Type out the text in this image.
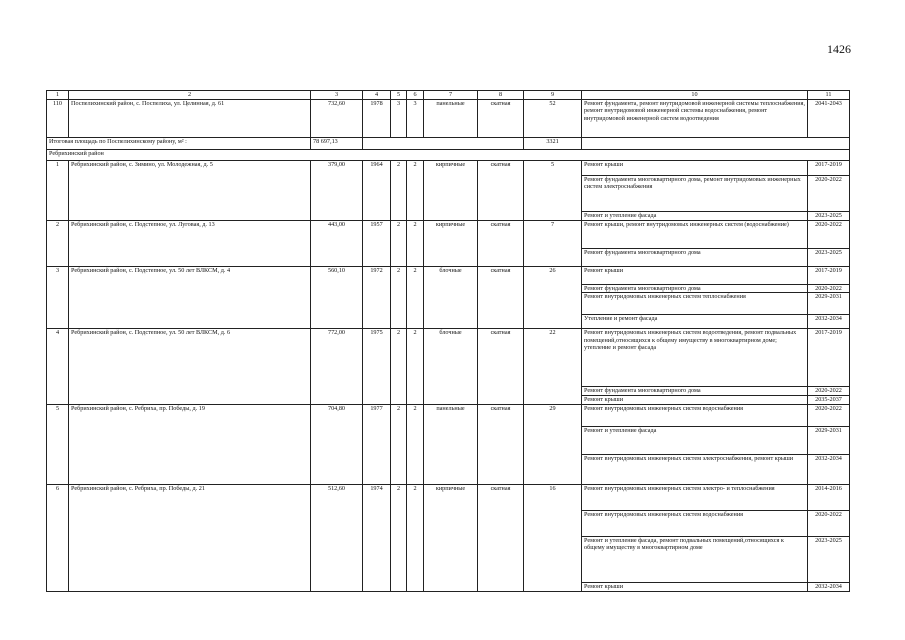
1426
1	2	3	4	5	6	7	8	9	10	11
110	Поспелихинский район, с. Поспелиха, ул. Целинная, д. 61	732,60	1978	3	3	панельные	скатная	52	Ремонт фундамента, ремонт внутридомовой инженерной системы теплоснабжения, ремонт внутридомовой инженерной системы водоснабжения, ремонт внутридомовой инженерной систем водоотведения	2041-2043
Итоговая площадь по Поспелихинскому району, м² :		78 697,13						3321		
Ребрихинский район										
1	Ребрихинский район, с. Зимино, ул. Молодежная, д. 5	379,00	1964	2	2	кирпичные	скатная	5	Ремонт крыши	2017-2019
									Ремонт фундамента многоквартирного дома, ремонт внутридомовых инженерных систем электроснабжения	2020-2022
									Ремонт и утепление фасада	2023-2025
2	Ребрихинский район, с. Подстепное, ул. Луговая, д. 13	443,00	1957	2	2	кирпичные	скатная	7	Ремонт крыши, ремонт внутридомовых инженерных систем (водоснабжение)	2020-2022
									Ремонт фундамента многоквартирного дома	2023-2025
3	Ребрихинский район, с. Подстепное, ул. 50 лет ВЛКСМ, д. 4	560,10	1972	2	2	блочные	скатная	26	Ремонт крыши	2017-2019
									Ремонт фундамента многоквартирного дома	2020-2022
									Ремонт внутридомовых инженерных систем теплоснабжения	2029-2031
									Утепление и ремонт фасада	2032-2034
4	Ребрихинский район, с. Подстепное, ул. 50 лет ВЛКСМ, д. 6	772,00	1975	2	2	блочные	скатная	22	Ремонт внутридомовых инженерных систем водоотведения, ремонт подвальных помещений,относящихся к общему имуществу в многоквартирном доме; утепление и ремонт фасада	2017-2019
									Ремонт фундамента многоквартирного дома	2020-2022
									Ремонт крыши	2035-2037
5	Ребрихинский район, с. Ребриха, пр. Победы, д. 19	704,80	1977	2	2	панельные	скатная	29	Ремонт внутридомовых инженерных систем водоснабжения	2020-2022
									Ремонт и утепление фасада	2029-2031
									Ремонт внутридомовых инженерных систем электроснабжения, ремонт крыши	2032-2034
6	Ребрихинский район, с. Ребриха, пр. Победы, д. 21	512,60	1974	2	2	кирпичные	скатная	16	Ремонт внутридомовых инженерных систем электро- и теплоснабжения	2014-2016
									Ремонт внутридомовых инженерных систем водоснабжения	2020-2022
									Ремонт и утепление фасада, ремонт подвальных помещений,относящихся к общему имуществу в многоквартирном доме	2023-2025
									Ремонт крыши	2032-2034
